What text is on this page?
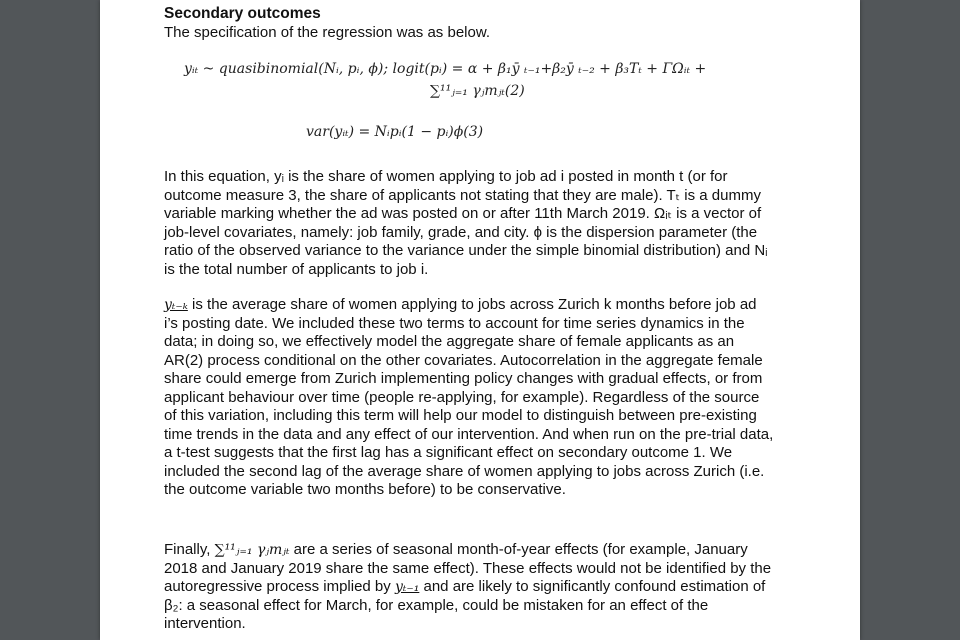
Secondary outcomes

The specification of the regression was as below.

yᵢₜ ~ quasibinomial(Nᵢ, pᵢ, ϕ); logit(pᵢ) = α + β₁ȳ ₜ₋₁+β₂ȳ ₜ₋₂ + β₃Tₜ + ΓΩᵢₜ +
∑¹¹ⱼ₌₁ γⱼmⱼₜ(2)
var(yᵢₜ) = Nᵢpᵢ(1 − pᵢ)ϕ(3)
In this equation, yᵢ is the share of women applying to job ad i posted in month t (or for outcome measure 3, the share of applicants not stating that they are male). Tₜ is a dummy variable marking whether the ad was posted on or after 11th March 2019. Ωᵢₜ is a vector of job-level covariates, namely: job family, grade, and city. ϕ is the dispersion parameter (the ratio of the observed variance to the variance under the simple binomial distribution) and Nᵢ is the total number of applicants to job i.
yₜ₋ₖ is the average share of women applying to jobs across Zurich k months before job ad i’s posting date. We included these two terms to account for time series dynamics in the data; in doing so, we effectively model the aggregate share of female applicants as an AR(2) process conditional on the other covariates. Autocorrelation in the aggregate female share could emerge from Zurich implementing policy changes with gradual effects, or from applicant behaviour over time (people re-applying, for example). Regardless of the source of this variation, including this term will help our model to distinguish between pre-existing time trends in the data and any effect of our intervention. And when run on the pre-trial data, a t-test suggests that the first lag has a significant effect on secondary outcome 1. We included the second lag of the average share of women applying to jobs across Zurich (i.e. the outcome variable two months before) to be conservative.
Finally, ∑¹¹ⱼ₌₁ γⱼmⱼₜ are a series of seasonal month-of-year effects (for example, January 2018 and January 2019 share the same effect). These effects would not be identified by the autoregressive process implied by yₜ₋₁ and are likely to significantly confound estimation of β₂: a seasonal effect for March, for example, could be mistaken for an effect of the intervention.
